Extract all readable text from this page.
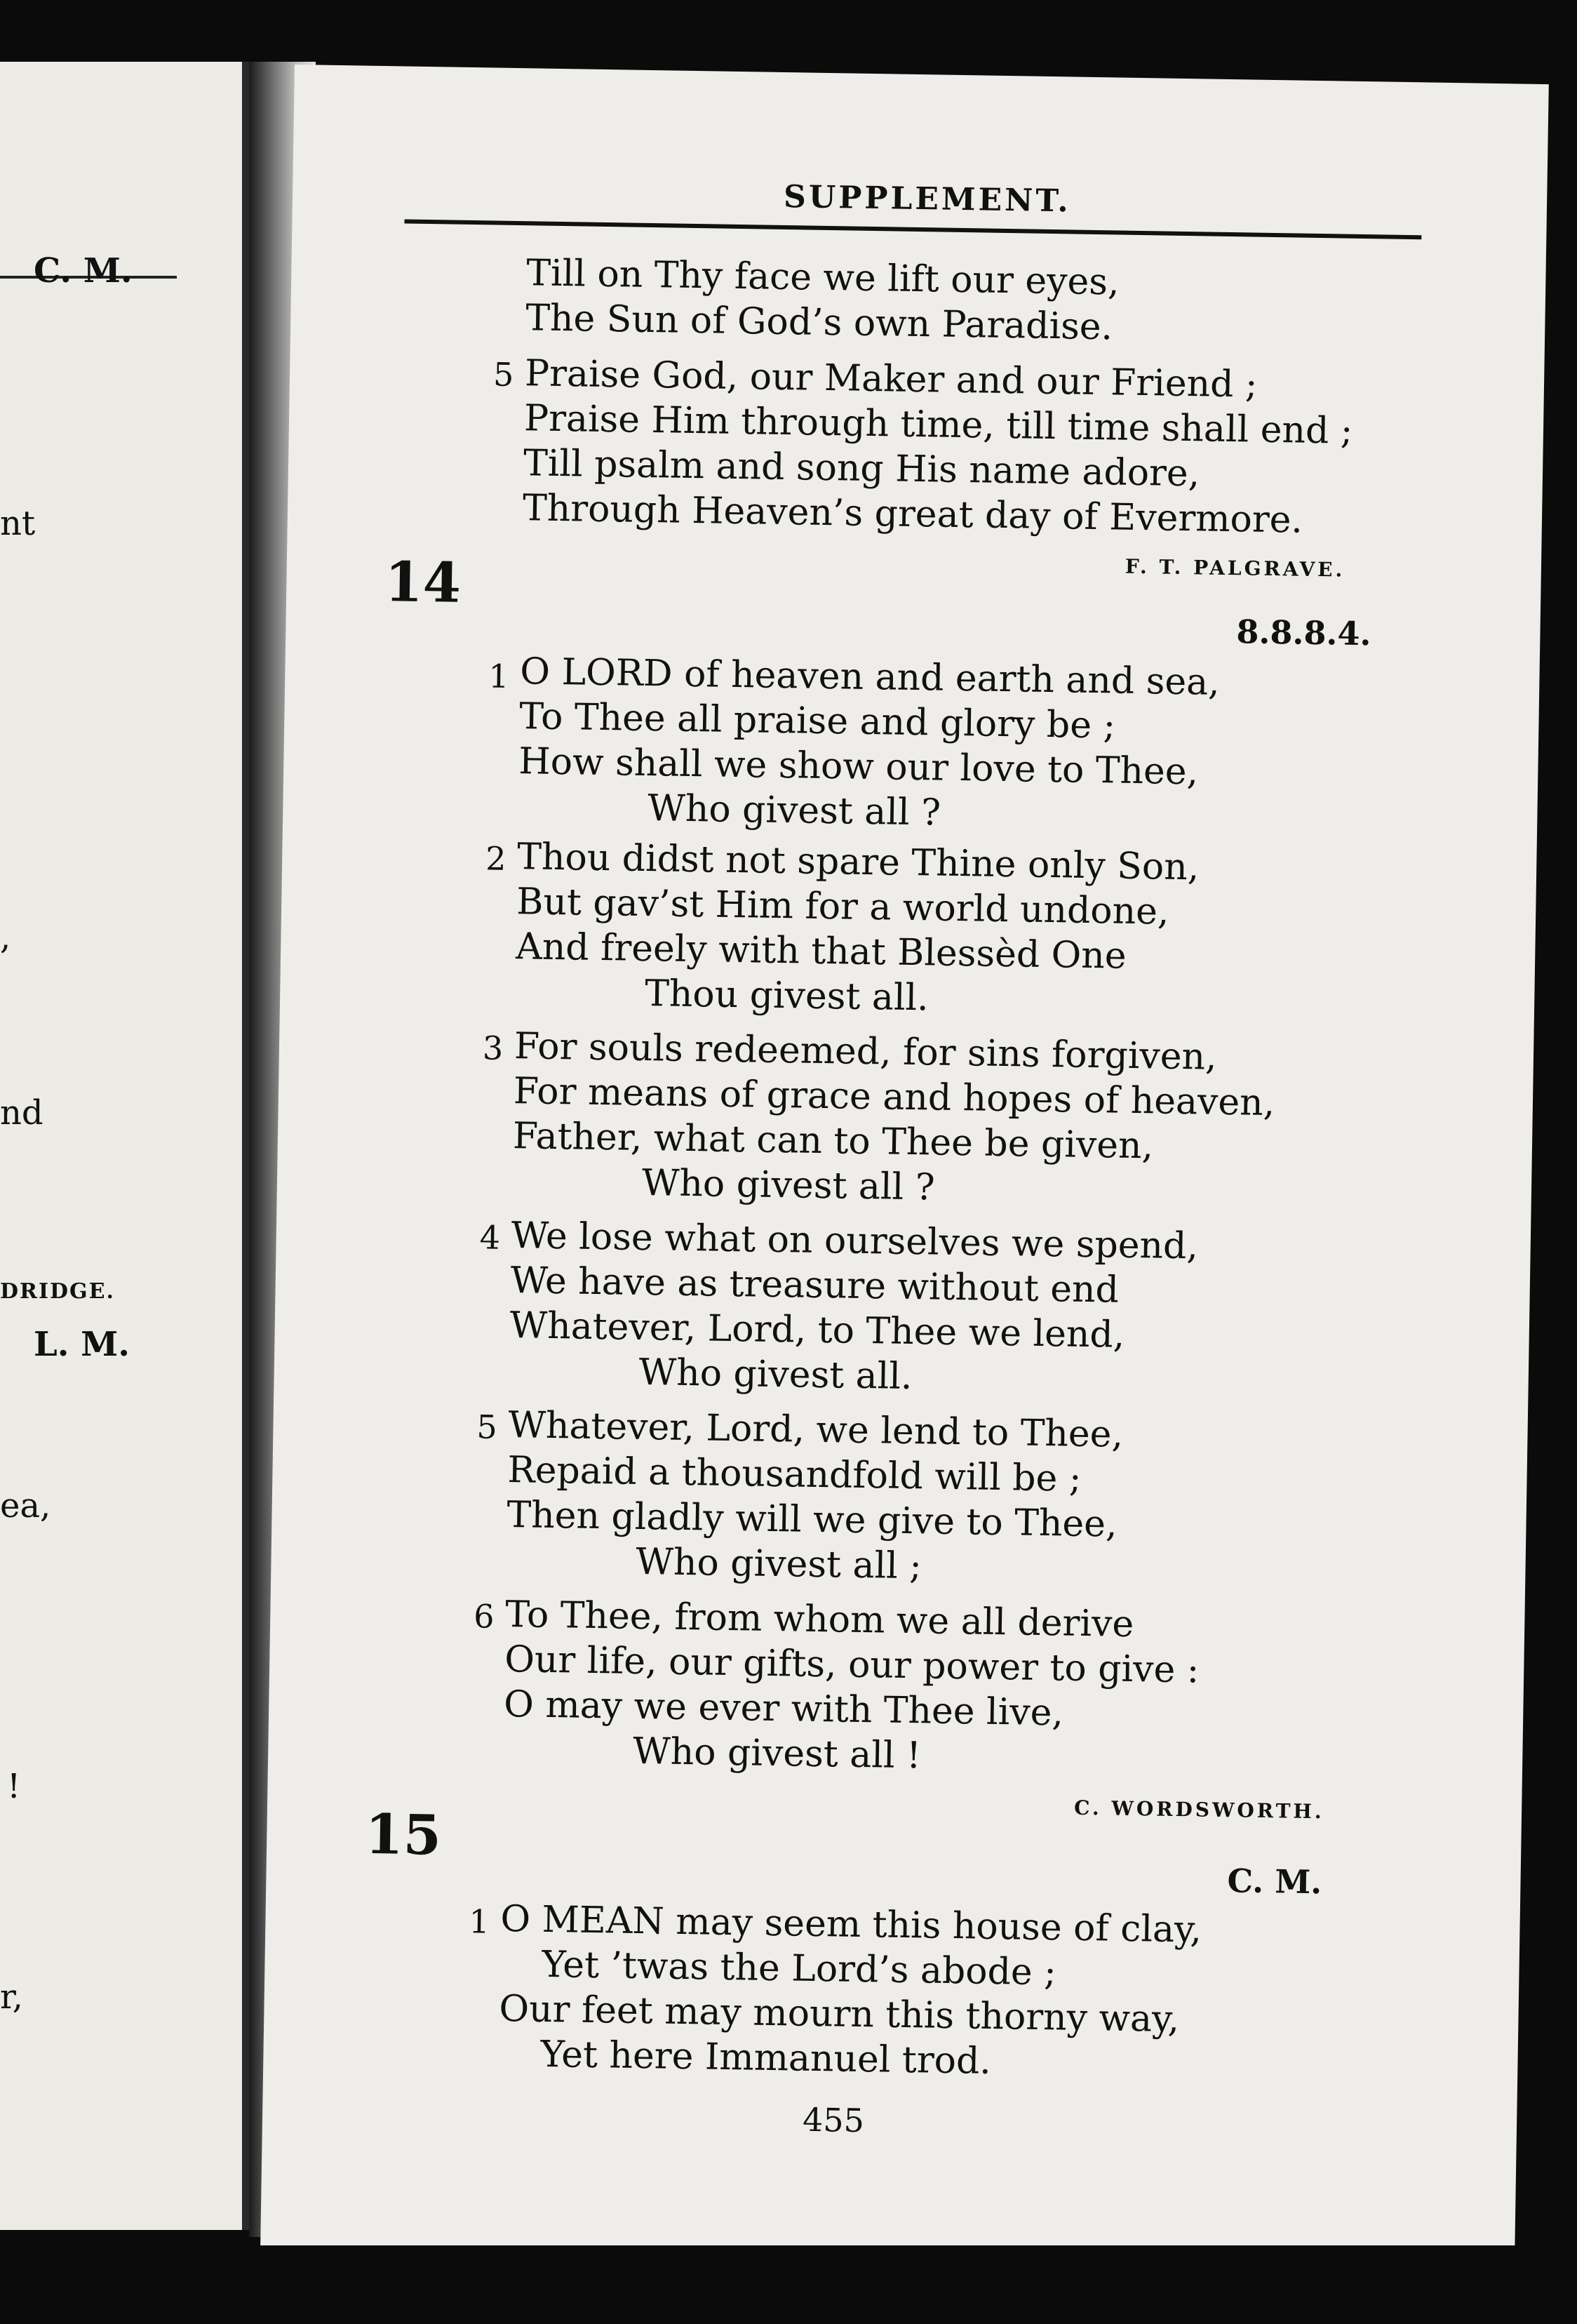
C. M.
nt
,
nd
DRIDGE.
L. M.
ea,
!
r,
SUPPLEMENT.
Till on Thy face we lift our eyes,
The Sun of God’s own Paradise.
5 Praise God, our Maker and our Friend ;
Praise Him through time, till time shall end ;
Till psalm and song His name adore,
Through Heaven’s great day of Evermore.
F. T. PALGRAVE.
14
8.8.8.4.
1 O LORD of heaven and earth and sea,
To Thee all praise and glory be ;
How shall we show our love to Thee,
Who givest all ?
2 Thou didst not spare Thine only Son,
But gav’st Him for a world undone,
And freely with that Blessèd One
Thou givest all.
3 For souls redeemed, for sins forgiven,
For means of grace and hopes of heaven,
Father, what can to Thee be given,
Who givest all ?
4 We lose what on ourselves we spend,
We have as treasure without end
Whatever, Lord, to Thee we lend,
Who givest all.
5 Whatever, Lord, we lend to Thee,
Repaid a thousandfold will be ;
Then gladly will we give to Thee,
Who givest all ;
6 To Thee, from whom we all derive
Our life, our gifts, our power to give :
O may we ever with Thee live,
Who givest all !
C. WORDSWORTH.
15
C. M.
1 O MEAN may seem this house of clay,
Yet ’twas the Lord’s abode ;
Our feet may mourn this thorny way,
Yet here Immanuel trod.
455
